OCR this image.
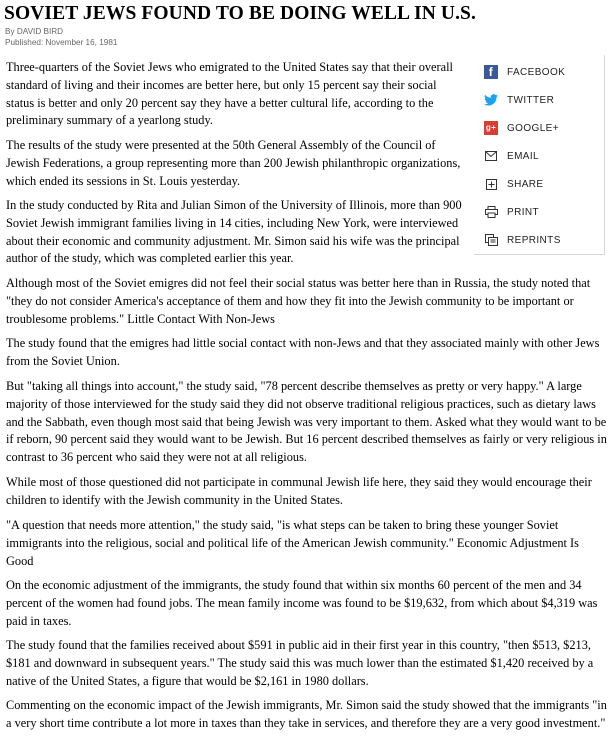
SOVIET JEWS FOUND TO BE DOING WELL IN U.S.
By DAVID BIRD
Published: November 16, 1981
f	FACEBOOK
TWITTER
g+ GOOGLE+
EMAIL
SHARE
PRINT
REPRINTS

Three-quarters of the Soviet Jews who emigrated to the United States say that their overall standard of living and their incomes are better here, but only 15 percent say their social status is better and only 20 percent say they have a better cultural life, according to the preliminary summary of a yearlong study.

The results of the study were presented at the 50th General Assembly of the Council of Jewish Federations, a group representing more than 200 Jewish philanthropic organizations, which ended its sessions in St. Louis yesterday.

In the study conducted by Rita and Julian Simon of the University of Illinois, more than 900 Soviet Jewish immigrant families living in 14 cities, including New York, were interviewed about their economic and community adjustment. Mr. Simon said his wife was the principal author of the study, which was completed earlier this year.

Although most of the Soviet emigres did not feel their social status was better here than in Russia, the study noted that "they do not consider America's acceptance of them and how they fit into the Jewish community to be important or troublesome problems." Little Contact With Non-Jews

The study found that the emigres had little social contact with non-Jews and that they associated mainly with other Jews from the Soviet Union.

But "taking all things into account," the study said, "78 percent describe themselves as pretty or very happy." A large majority of those interviewed for the study said they did not observe traditional religious practices, such as dietary laws and the Sabbath, even though most said that being Jewish was very important to them. Asked what they would want to be if reborn, 90 percent said they would want to be Jewish. But 16 percent described themselves as fairly or very religious in contrast to 36 percent who said they were not at all religious.

While most of those questioned did not participate in communal Jewish life here, they said they would encourage their children to identify with the Jewish community in the United States.

"A question that needs more attention," the study said, "is what steps can be taken to bring these younger Soviet immigrants into the religious, social and political life of the American Jewish community." Economic Adjustment Is Good

On the economic adjustment of the immigrants, the study found that within six months 60 percent of the men and 34 percent of the women had found jobs. The mean family income was found to be $19,632, from which about $4,319 was paid in taxes.

The study found that the families received about $591 in public aid in their first year in this country, "then $513, $213, $181 and downward in subsequent years." The study said this was much lower than the estimated $1,420 received by a native of the United States, a figure that would be $2,161 in 1980 dollars.

Commenting on the economic impact of the Jewish immigrants, Mr. Simon said the study showed that the immigrants "in a very short time contribute a lot more in taxes than they take in services, and therefore they are a very good investment."
